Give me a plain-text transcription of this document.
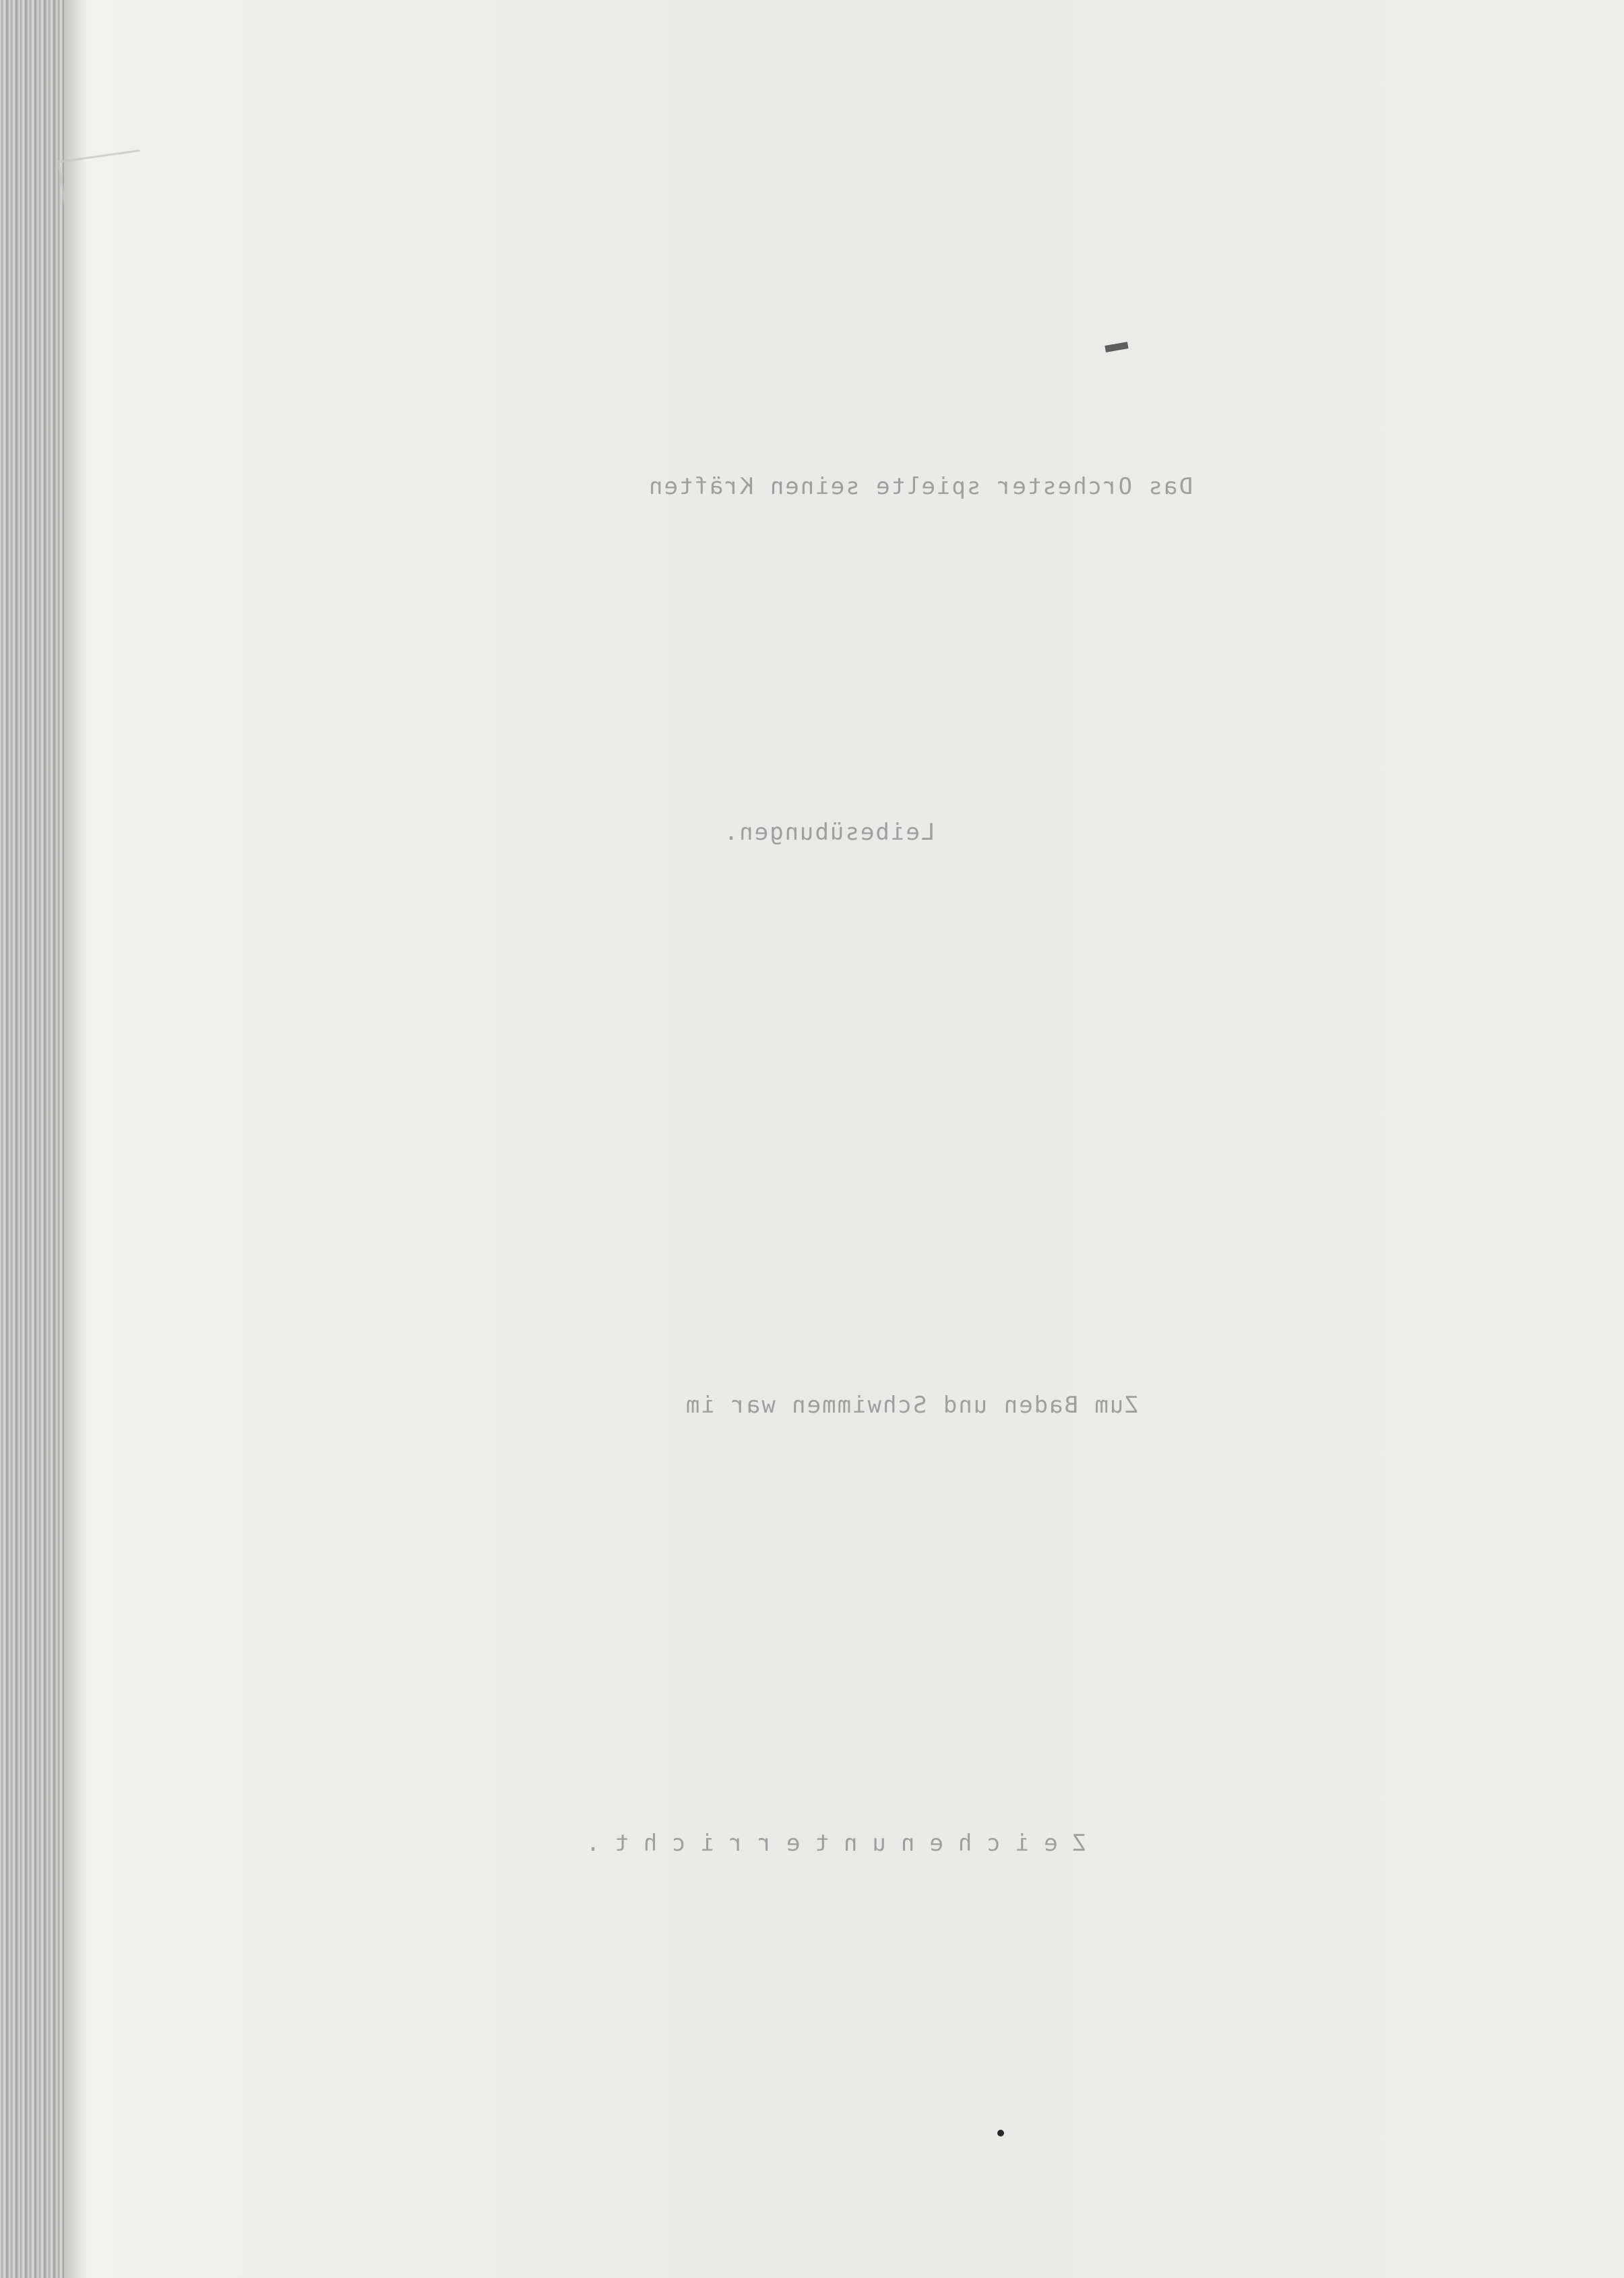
Das Orchester spielte seinen Kräften
Leibesübungen.
Zum Baden und Schwimmen war im
Zeichenunterricht.
